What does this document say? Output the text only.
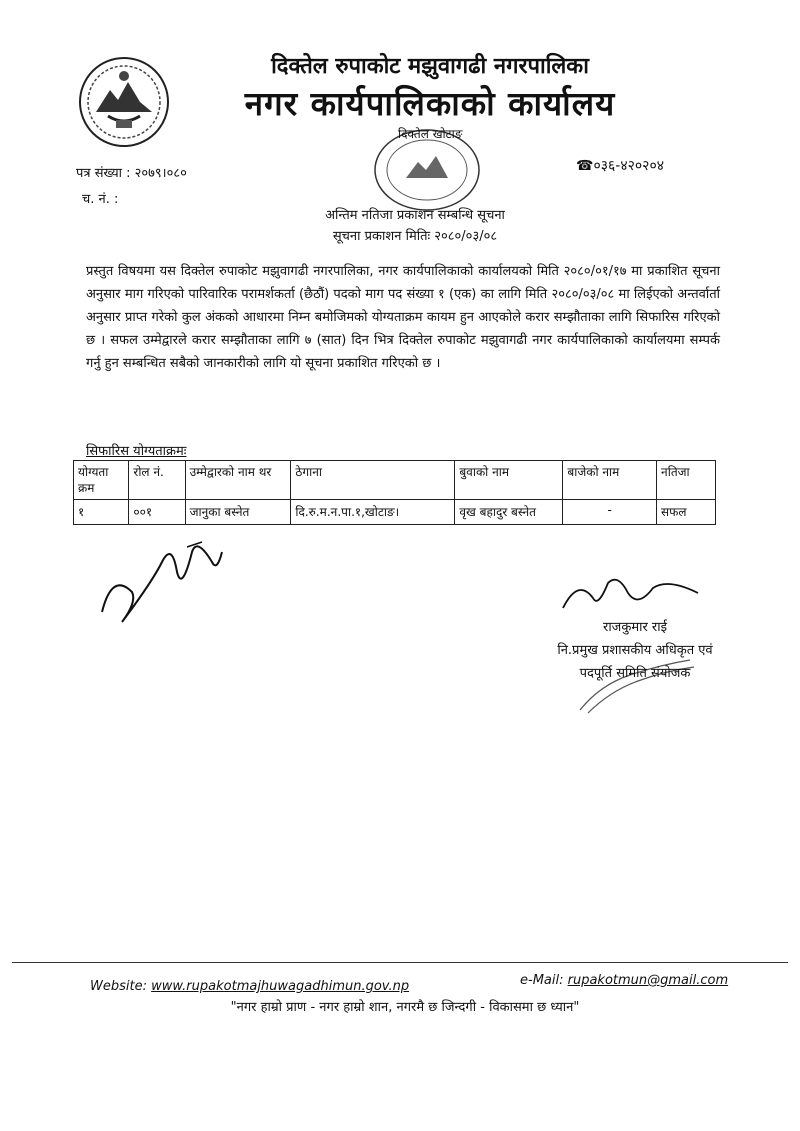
दिक्तेल रुपाकोट मझुवागढी नगरपालिका
नगर कार्यपालिकाको कार्यालय
पत्र संख्या : २०७९।०८०
च. नं. :
दिक्तेल खोटाङ
☎०३६-४२०२०४
अन्तिम नतिजा प्रकाशन सम्बन्धि सूचना
सूचना प्रकाशन मितिः २०८०/०३/०८

प्रस्तुत विषयमा यस दिक्तेल रुपाकोट मझुवागढी नगरपालिका, नगर कार्यपालिकाको कार्यालयको मिति २०८०/०१/१७ मा प्रकाशित सूचना अनुसार माग गरिएको पारिवारिक परामर्शकर्ता (छैठौं) पदको माग पद संख्या १ (एक) का लागि मिति २०८०/०३/०८ मा लिईएको अन्तर्वार्ता अनुसार प्राप्त गरेको कुल अंकको आधारमा निम्न बमोजिमको योग्यताक्रम कायम हुन आएकोले करार सम्झौताका लागि सिफारिस गरिएको छ । सफल उम्मेद्वारले करार सम्झौताका लागि ७ (सात) दिन भित्र दिक्तेल रुपाकोट मझुवागढी नगर कार्यपालिकाको कार्यालयमा सम्पर्क गर्नु हुन सम्बन्धित सबैको जानकारीको लागि यो सूचना प्रकाशित गरिएको छ ।

सिफारिस योग्यताक्रमः
योग्यता क्रम	रोल नं.	उम्मेद्वारको नाम थर	ठेगाना	बुवाको नाम	बाजेको नाम	नतिजा
१	००१	जानुका बस्नेत	दि.रु.म.न.पा.१,खोटाङ।	वृख बहादुर बस्नेत	-	सफल
राजकुमार राई
नि.प्रमुख प्रशासकीय अधिकृत एवं
पदपूर्ति समिति संयोजक
Website: www.rupakotmajhuwagadhimun.gov.np	e-Mail: rupakotmun@gmail.com
"नगर हाम्रो प्राण - नगर हाम्रो शान, नगरमै छ जिन्दगी - विकासमा छ ध्यान"
